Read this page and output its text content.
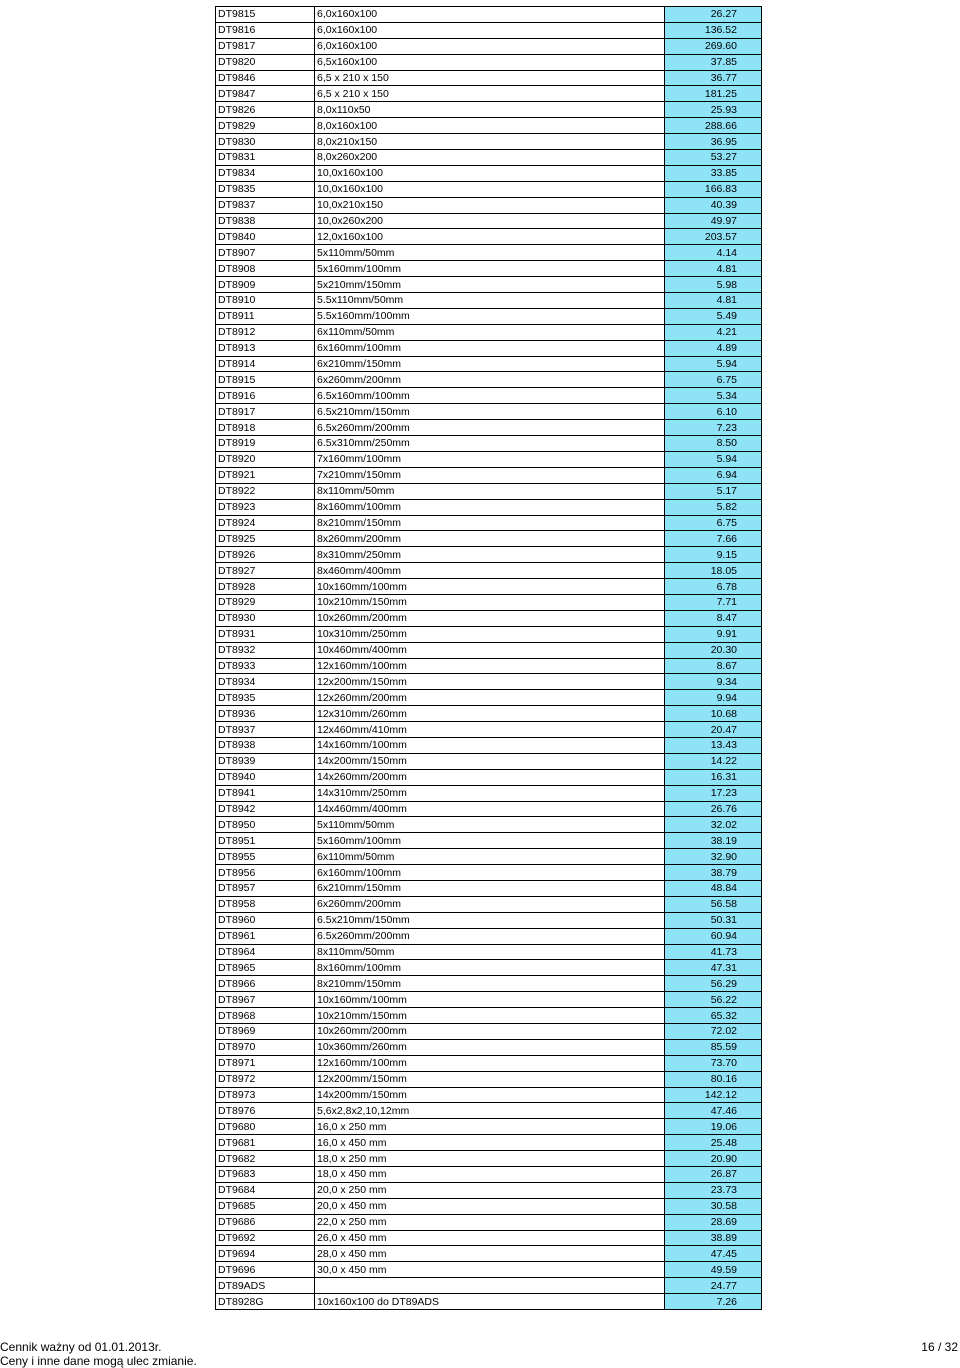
DT9815	6,0x160x100	26.27
DT9816	6,0x160x100	136.52
DT9817	6,0x160x100	269.60
DT9820	6,5x160x100	37.85
DT9846	6,5 x 210 x 150	36.77
DT9847	6,5 x 210 x 150	181.25
DT9826	8,0x110x50	25.93
DT9829	8,0x160x100	288.66
DT9830	8,0x210x150	36.95
DT9831	8,0x260x200	53.27
DT9834	10,0x160x100	33.85
DT9835	10,0x160x100	166.83
DT9837	10,0x210x150	40.39
DT9838	10,0x260x200	49.97
DT9840	12,0x160x100	203.57
DT8907	5x110mm/50mm	4.14
DT8908	5x160mm/100mm	4.81
DT8909	5x210mm/150mm	5.98
DT8910	5.5x110mm/50mm	4.81
DT8911	5.5x160mm/100mm	5.49
DT8912	6x110mm/50mm	4.21
DT8913	6x160mm/100mm	4.89
DT8914	6x210mm/150mm	5.94
DT8915	6x260mm/200mm	6.75
DT8916	6.5x160mm/100mm	5.34
DT8917	6.5x210mm/150mm	6.10
DT8918	6.5x260mm/200mm	7.23
DT8919	6.5x310mm/250mm	8.50
DT8920	7x160mm/100mm	5.94
DT8921	7x210mm/150mm	6.94
DT8922	8x110mm/50mm	5.17
DT8923	8x160mm/100mm	5.82
DT8924	8x210mm/150mm	6.75
DT8925	8x260mm/200mm	7.66
DT8926	8x310mm/250mm	9.15
DT8927	8x460mm/400mm	18.05
DT8928	10x160mm/100mm	6.78
DT8929	10x210mm/150mm	7.71
DT8930	10x260mm/200mm	8.47
DT8931	10x310mm/250mm	9.91
DT8932	10x460mm/400mm	20.30
DT8933	12x160mm/100mm	8.67
DT8934	12x200mm/150mm	9.34
DT8935	12x260mm/200mm	9.94
DT8936	12x310mm/260mm	10.68
DT8937	12x460mm/410mm	20.47
DT8938	14x160mm/100mm	13.43
DT8939	14x200mm/150mm	14.22
DT8940	14x260mm/200mm	16.31
DT8941	14x310mm/250mm	17.23
DT8942	14x460mm/400mm	26.76
DT8950	5x110mm/50mm	32.02
DT8951	5x160mm/100mm	38.19
DT8955	6x110mm/50mm	32.90
DT8956	6x160mm/100mm	38.79
DT8957	6x210mm/150mm	48.84
DT8958	6x260mm/200mm	56.58
DT8960	6.5x210mm/150mm	50.31
DT8961	6.5x260mm/200mm	60.94
DT8964	8x110mm/50mm	41.73
DT8965	8x160mm/100mm	47.31
DT8966	8x210mm/150mm	56.29
DT8967	10x160mm/100mm	56.22
DT8968	10x210mm/150mm	65.32
DT8969	10x260mm/200mm	72.02
DT8970	10x360mm/260mm	85.59
DT8971	12x160mm/100mm	73.70
DT8972	12x200mm/150mm	80.16
DT8973	14x200mm/150mm	142.12
DT8976	5,6x2,8x2,10,12mm	47.46
DT9680	16,0 x 250 mm	19.06
DT9681	16,0 x 450 mm	25.48
DT9682	18,0 x 250 mm	20.90
DT9683	18,0 x 450 mm	26.87
DT9684	20,0 x 250 mm	23.73
DT9685	20,0 x 450 mm	30.58
DT9686	22,0 x 250 mm	28.69
DT9692	26,0 x 450 mm	38.89
DT9694	28,0 x 450 mm	47.45
DT9696	30,0 x 450 mm	49.59
DT89ADS		24.77
DT8928G	10x160x100 do DT89ADS	7.26
Cennik ważny od 01.01.2013r.
Ceny i inne dane mogą ulec zmianie.
16 / 32
